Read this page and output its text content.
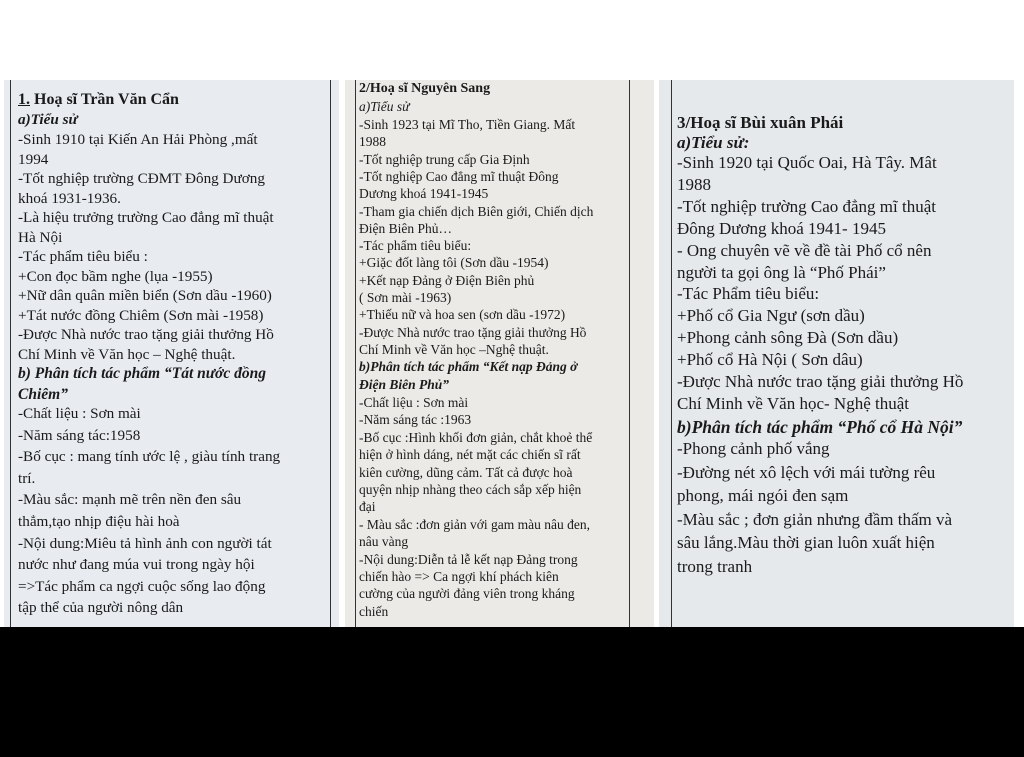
1. Hoạ sĩ Trần Văn Cẩn
a)Tiểu sử
-Sinh 1910 tại Kiến An Hải Phòng ,mất
1994
-Tốt nghiệp trường CĐMT Đông Dương
khoá 1931-1936.
-Là hiệu trưởng trường Cao đẳng mĩ thuật
Hà Nội
-Tác phẩm tiêu biểu :
+Con đọc bầm nghe (lụa -1955)
+Nữ dân quân miền biển (Sơn dầu -1960)
+Tát nước đồng Chiêm (Sơn mài -1958)
-Được Nhà nước trao tặng giải thưởng Hồ
Chí Minh về Văn học – Nghệ thuật.
b) Phân tích tác phẩm “Tát nước đồng
Chiêm”
-Chất liệu : Sơn mài
-Năm sáng tác:1958
-Bố cục : mang tính ước lệ , giàu tính trang
trí.
-Màu sắc: mạnh mẽ trên nền đen sâu
thẳm,tạo nhịp điệu hài hoà
-Nội dung:Miêu tả hình ảnh con người tát
nước như đang múa vui trong ngày hội
=>Tác phẩm ca ngợi cuộc sống lao động
tập thể của người nông dân
2/Hoạ sĩ Nguyên Sang
a)Tiểu sử
-Sinh 1923 tại Mĩ Tho, Tiền Giang. Mất
1988
-Tốt nghiệp trung cấp Gia Định
-Tốt nghiệp Cao đẳng mĩ thuật Đông
Dương khoá 1941-1945
-Tham gia chiến dịch Biên giới, Chiến dịch
Điện Biên Phủ…
-Tác phẩm tiêu biểu:
+Giặc đốt làng tôi (Sơn dầu -1954)
+Kết nạp Đảng ở Điện Biên phủ
( Sơn mài -1963)
+Thiếu nữ và hoa sen (sơn dầu -1972)
-Được Nhà nước trao tặng giải thưởng Hồ
Chí Minh về Văn học –Nghệ thuật.
b)Phân tích tác phẩm “Kết nạp Đảng ở
Điện Biên Phủ”
-Chất liệu : Sơn mài
-Năm sáng tác :1963
-Bố cục :Hình khối đơn giản, chắt khoẻ thể
hiện ở hình dáng, nét mặt các chiến sĩ rất
kiên cường, dũng cảm. Tất cả được hoà
quyện nhịp nhàng theo cách sắp xếp hiện
đại
- Màu sắc :đơn giản với gam màu nâu đen,
nâu vàng
-Nội dung:Diễn tả lễ kết nạp Đảng trong
chiến hào => Ca ngợi khí phách kiên
cường của người đảng viên trong kháng
chiến
3/Hoạ sĩ Bùi xuân Phái
a)Tiểu sử:
-Sinh 1920 tại Quốc Oai, Hà Tây. Mât
1988
-Tốt nghiệp trường Cao đẳng mĩ thuật
Đông Dương khoá 1941- 1945
- Ong chuyên vẽ về đề tài Phố cổ nên
người ta gọi ông là “Phố Phái”
-Tác Phẩm tiêu biểu:
+Phố cổ Gia Ngư (sơn dầu)
+Phong cảnh sông Đà (Sơn dầu)
+Phố cổ Hà Nội ( Sơn dâu)
-Được Nhà nước trao tặng giải thưởng Hồ
Chí Minh về Văn học- Nghệ thuật
b)Phân tích tác phẩm “Phố cổ Hà Nội”
-Phong cảnh phố vắng
-Đường nét xô lệch với mái tường rêu
phong, mái ngói đen sạm
-Màu sắc ; đơn giản nhưng đầm thấm và
sâu lắng.Màu thời gian luôn xuất hiện
trong tranh
